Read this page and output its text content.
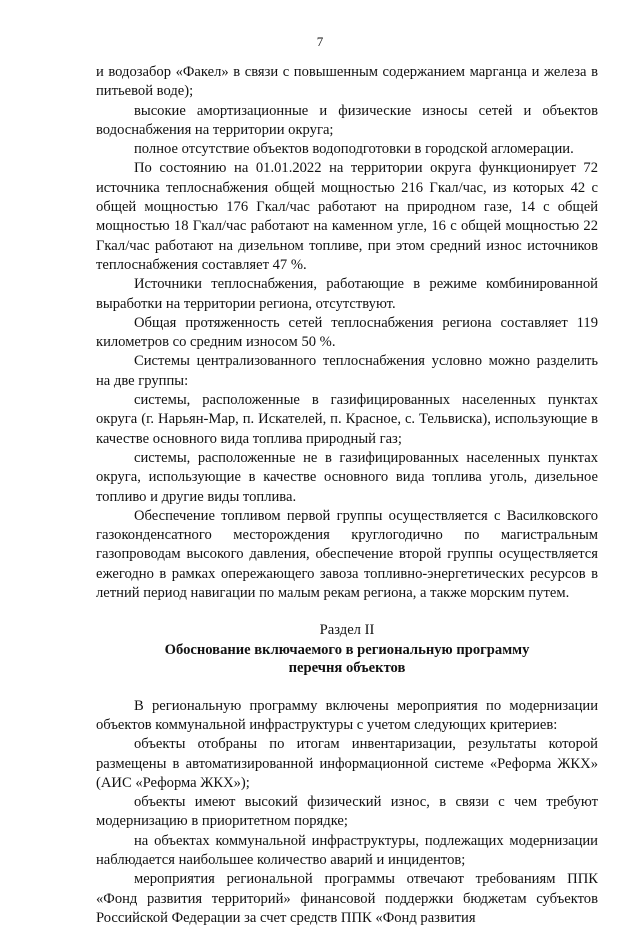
7

и водозабор «Факел» в связи с повышенным содержанием марганца и железа в питьевой воде);

высокие амортизационные и физические износы сетей и объектов водоснабжения на территории округа;

полное отсутствие объектов водоподготовки в городской агломерации.

По состоянию на 01.01.2022 на территории округа функционирует 72 источника теплоснабжения общей мощностью 216 Гкал/час, из которых 42 с общей мощностью 176 Гкал/час работают на природном газе, 14 с общей мощностью 18 Гкал/час работают на каменном угле, 16 с общей мощностью 22 Гкал/час работают на дизельном топливе, при этом средний износ источников теплоснабжения составляет 47 %.

Источники теплоснабжения, работающие в режиме комбинированной выработки на территории региона, отсутствуют.

Общая протяженность сетей теплоснабжения региона составляет 119 километров со средним износом 50 %.

Системы централизованного теплоснабжения условно можно разделить на две группы:

системы, расположенные в газифицированных населенных пунктах округа (г. Нарьян-Мар, п. Искателей, п. Красное, с. Тельвиска), использующие в качестве основного вида топлива природный газ;

системы, расположенные не в газифицированных населенных пунктах округа, использующие в качестве основного вида топлива уголь, дизельное топливо и другие виды топлива.

Обеспечение топливом первой группы осуществляется с Василковского газоконденсатного месторождения круглогодично по магистральным газопроводам высокого давления, обеспечение второй группы осуществляется ежегодно в рамках опережающего завоза топливно-энергетических ресурсов в летний период навигации по малым рекам региона, а также морским путем.

Раздел II

Обоснование включаемого в региональную программу

перечня объектов

В региональную программу включены мероприятия по модернизации объектов коммунальной инфраструктуры с учетом следующих критериев:

объекты отобраны по итогам инвентаризации, результаты которой размещены в автоматизированной информационной системе «Реформа ЖКХ» (АИС «Реформа ЖКХ»);

объекты имеют высокий физический износ, в связи с чем требуют модернизацию в приоритетном порядке;

на объектах коммунальной инфраструктуры, подлежащих модернизации наблюдается наибольшее количество аварий и инцидентов;

мероприятия региональной программы отвечают требованиям ППК «Фонд развития территорий» финансовой поддержки бюджетам субъектов Российской Федерации за счет средств ППК «Фонд развития
